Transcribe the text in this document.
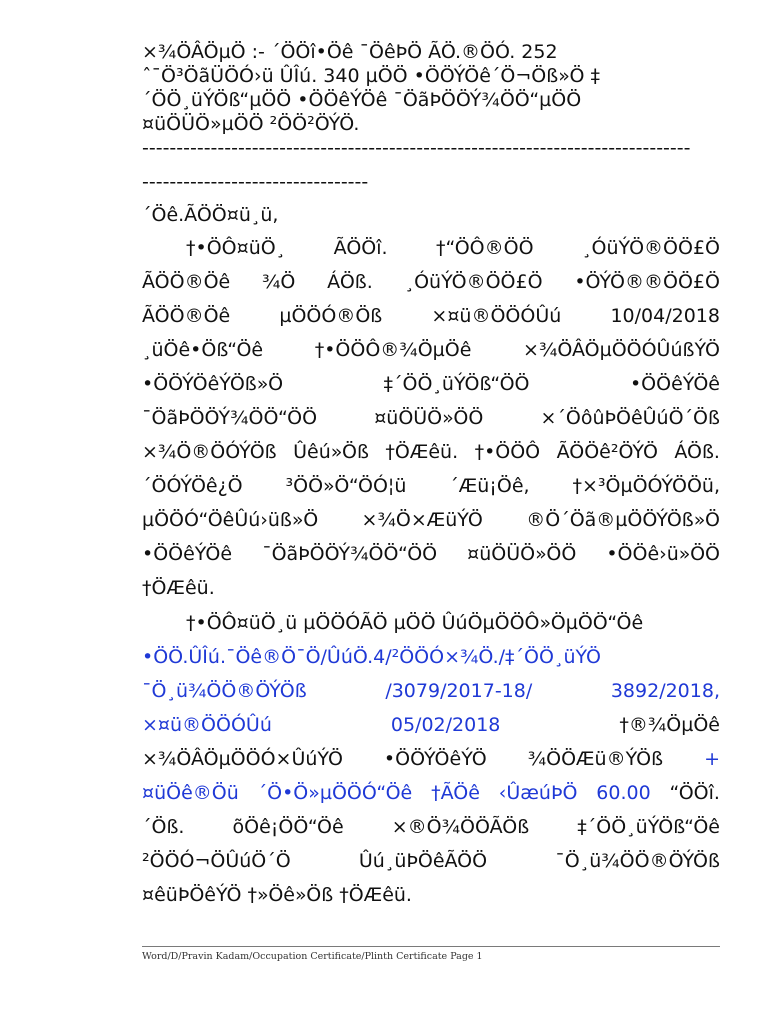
×¾ÖÂÖµÖ :- ´ÖÖî•Öê ¯ÖêÞÖ ÃÖ.®ÖÓ. 252
ˆ¯Ö³ÖãÜÖÓ›ü ÛÎú. 340 µÖÖ •ÖÖÝÖê´Ö¬Öß»Ö ‡
´ÖÖ¸üÝÖß“µÖÖ •ÖÖêÝÖê ¯ÖãÞÖÖÝ¾ÖÖ“µÖÖ
¤üÖÜÖ»µÖÖ ²ÖÖ²ÖÝÖ.
--------------------------------------------------------------------------------
---------------------------------
´Öê.ÃÖÖ¤ü¸ü,
†•ÖÔ¤üÖ¸	ÃÖÖî.	†“ÖÔ®ÖÖ	¸ÓüÝÖ®ÖÖ£Ö
ÃÖÖ®Öê ¾Ö ÁÖß. ¸ÓüÝÖ®ÖÖ£Ö •ÖÝÖ®®ÖÖ£Ö
ÃÖÖ®Öê	µÖÖÓ®Öß	×¤ü®ÖÖÓÛú	10/04/2018
¸üÖê•Öß“Öê	†•ÖÖÔ®¾ÖµÖê	×¾ÖÂÖµÖÖÓÛúßÝÖ
•ÖÖÝÖêÝÖß»Ö	‡´ÖÖ¸üÝÖß“ÖÖ	•ÖÖêÝÖê
¯ÖãÞÖÖÝ¾ÖÖ“ÖÖ	¤üÖÜÖ»ÖÖ	×´ÖôûÞÖêÛúÖ´Öß
×¾Ö®ÖÓÝÖß Ûêú»Öß †ÖÆêü. †•ÖÖÔ ÃÖÖê²ÖÝÖ ÁÖß.
´ÖÓÝÖê¿Ö ³ÖÖ»Ö“ÖÓ¦ü ´Æü¡Öê, †×³ÖµÖÓÝÖÖü,
µÖÖÓ“ÖêÛú›üß»Ö ×¾Ö×ÆüÝÖ ®Ö´Öã®µÖÖÝÖß»Ö
•ÖÖêÝÖê ¯ÖãÞÖÖÝ¾ÖÖ“ÖÖ ¤üÖÜÖ»ÖÖ •ÖÖê›ü»ÖÖ
†ÖÆêü.
†•ÖÔ¤üÖ¸ü µÖÖÓÃÖ µÖÖ ÛúÖµÖÖÔ»ÖµÖÖ“Öê
•ÖÖ.ÛÎú.¯Öê®Ö¯Ö/ÛúÖ.4/²ÖÖÓ×¾Ö./‡´ÖÖ¸üÝÖ
¯Ö¸ü¾ÖÖ®ÖÝÖß	/3079/2017-18/	3892/2018,
×¤ü®ÖÖÓÛú	05/02/2018	†®¾ÖµÖê
×¾ÖÂÖµÖÖÓ×ÛúÝÖ •ÖÖÝÖêÝÖ ¾ÖÖÆü®ÝÖß +
¤üÖê®Öü ´Ö•Ö»µÖÖÓ“Öê †ÃÖê ‹ÛæúÞÖ 60.00 “ÖÖî.
´Öß.	õÖê¡ÖÖ“Öê	×®Ö¾ÖÖÃÖß	‡´ÖÖ¸üÝÖß“Öê
²ÖÖÓ¬ÖÛúÖ´Ö	Ûú¸üÞÖêÃÖÖ	¯Ö¸ü¾ÖÖ®ÖÝÖß
¤êüÞÖêÝÖ †»Öê»Öß †ÖÆêü.
Word/D/Pravin Kadam/Occupation Certificate/Plinth Certificate Page 1
